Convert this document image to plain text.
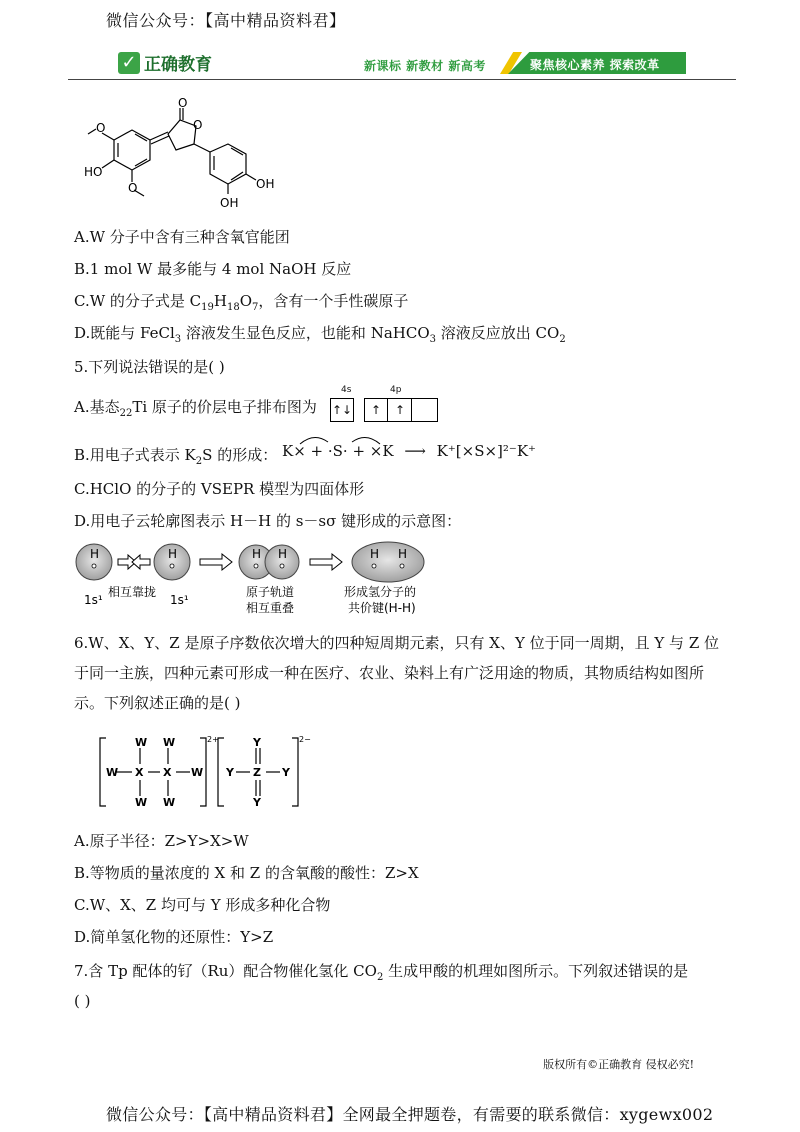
微信公众号：【高中精品资料君】
✓ 正确教育	新课标 新教材 新高考	聚焦核心素养 探索改革
O
O
O
HO
O	OH
OH
A.W 分子中含有三种含氧官能团
B.1 mol W 最多能与 4 mol NaOH 反应
C.W 的分子式是 $C_{19}H_{18}O_7$，含有一个手性碳原子
D.既能与 FeCl$_3$ 溶液发生显色反应，也能和 NaHCO$_3$ 溶液反应放出 $CO_2$
5.下列说法错误的是( )
A.基态$_{22}$Ti 原子的价层电子排布图为
4s	4p
↑↓	↑	↑
B.用电子式表示 $K_2S$ 的形成： K× + ·S· + ×K ⟶ K⁺[×S×]²⁻K⁺
C.HClO 的分子的 VSEPR 模型为四面体形
D.用电子云轮廓图表示 H－H 的 s－sσ 键形成的示意图：
H	H	H H	H H
1s¹
相互靠拢
1s¹
原子轨道
相互重叠
形成氢分子的
共价键(H-H)
6.W、X、Y、Z 是原子序数依次增大的四种短周期元素，只有 X、Y 位于同一周期，且 Y 与 Z 位于同一主族，四种元素可形成一种在医疗、农业、染料上有广泛用途的物质，其物质结构如图所示。下列叙述正确的是( )
W X X W
W W
W W
Y Z Y
Y
Y
2+	2−
A.原子半径：Z>Y>X>W
B.等物质的量浓度的 X 和 Z 的含氧酸的酸性：Z>X
C.W、X、Z 均可与 Y 形成多种化合物
D.简单氢化物的还原性：Y>Z
7.含 Tp 配体的钌（Ru）配合物催化氢化 $CO_2$ 生成甲酸的机理如图所示。下列叙述错误的是
( )
版权所有©正确教育 侵权必究!
微信公众号：【高中精品资料君】全网最全押题卷，有需要的联系微信：xygewx002
